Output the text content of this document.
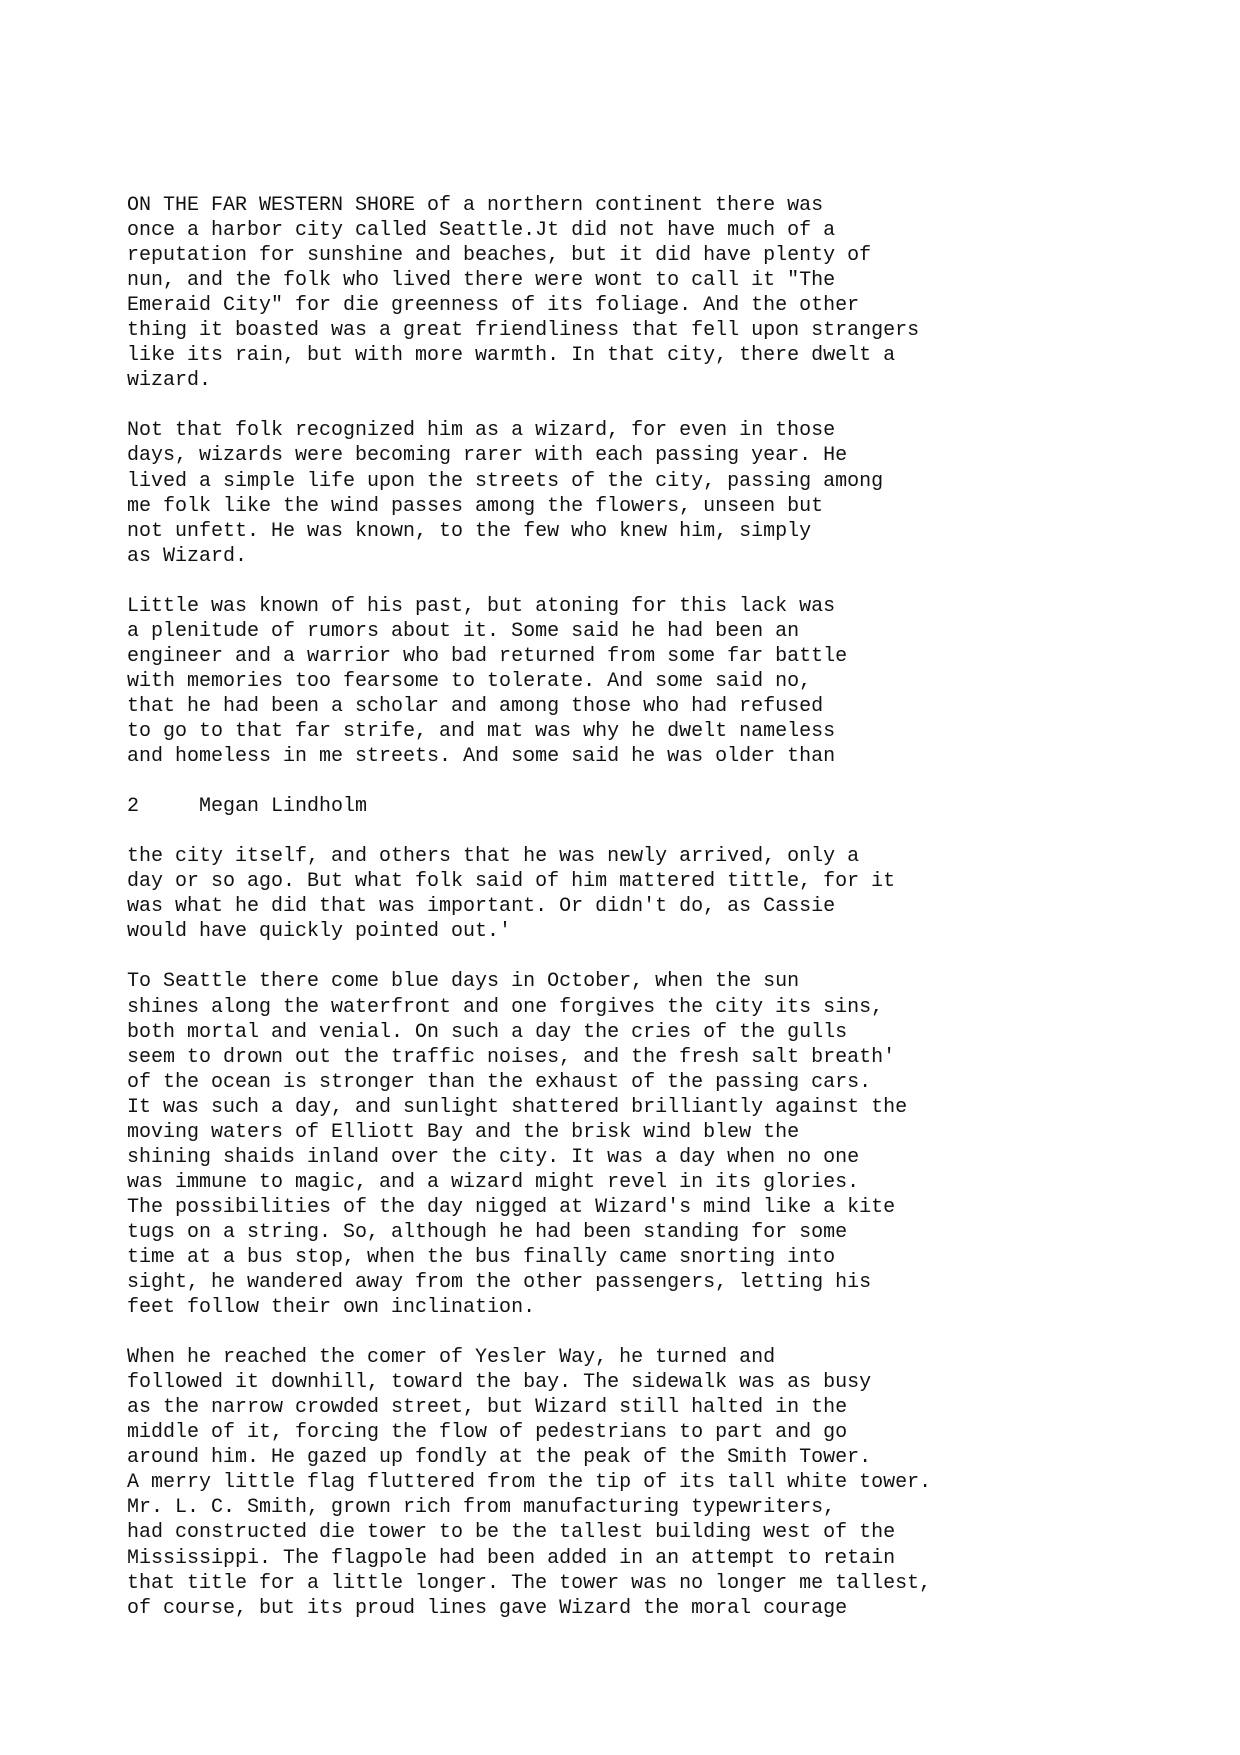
ON THE FAR WESTERN SHORE of a northern continent there was
once a harbor city called Seattle.Jt did not have much of a
reputation for sunshine and beaches, but it did have plenty of
nun, and the folk who lived there were wont to call it "The
Emeraid City" for die greenness of its foliage. And the other
thing it boasted was a great friendliness that fell upon strangers
like its rain, but with more warmth. In that city, there dwelt a
wizard.
Not that folk recognized him as a wizard, for even in those
days, wizards were becoming rarer with each passing year. He
lived a simple life upon the streets of the city, passing among
me folk like the wind passes among the flowers, unseen but
not unfett. He was known, to the few who knew him, simply
as Wizard.
Little was known of his past, but atoning for this lack was
a plenitude of rumors about it. Some said he had been an
engineer and a warrior who bad returned from some far battle
with memories too fearsome to tolerate. And some said no,
that he had been a scholar and among those who had refused
to go to that far strife, and mat was why he dwelt nameless
and homeless in me streets. And some said he was older than
2	Megan Lindholm
the city itself, and others that he was newly arrived, only a
day or so ago. But what folk said of him mattered tittle, for it
was what he did that was important. Or didn't do, as Cassie
would have quickly pointed out.'
To Seattle there come blue days in October, when the sun
shines along the waterfront and one forgives the city its sins,
both mortal and venial. On such a day the cries of the gulls
seem to drown out the traffic noises, and the fresh salt breath'
of the ocean is stronger than the exhaust of the passing cars.
It was such a day, and sunlight shattered brilliantly against the
moving waters of Elliott Bay and the brisk wind blew the
shining shaids inland over the city. It was a day when no one
was immune to magic, and a wizard might revel in its glories.
The possibilities of the day nigged at Wizard's mind like a kite
tugs on a string. So, although he had been standing for some
time at a bus stop, when the bus finally came snorting into
sight, he wandered away from the other passengers, letting his
feet follow their own inclination.
When he reached the comer of Yesler Way, he turned and
followed it downhill, toward the bay. The sidewalk was as busy
as the narrow crowded street, but Wizard still halted in the
middle of it, forcing the flow of pedestrians to part and go
around him. He gazed up fondly at the peak of the Smith Tower.
A merry little flag fluttered from the tip of its tall white tower.
Mr. L. C. Smith, grown rich from manufacturing typewriters,
had constructed die tower to be the tallest building west of the
Mississippi. The flagpole had been added in an attempt to retain
that title for a little longer. The tower was no longer me tallest,
of course, but its proud lines gave Wizard the moral courage
